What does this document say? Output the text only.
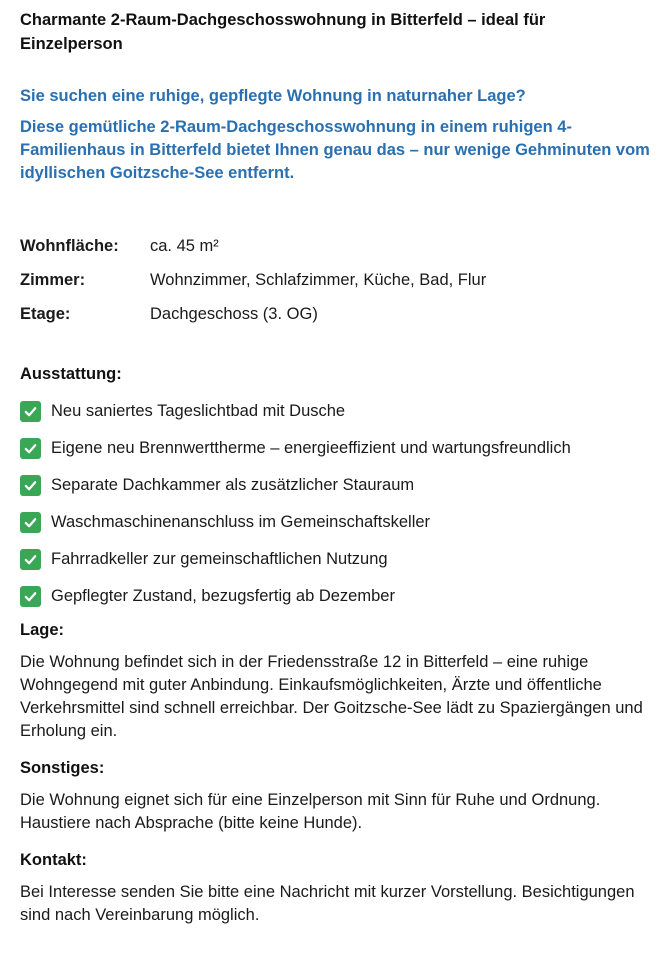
Charmante 2-Raum-Dachgeschosswohnung in Bitterfeld – ideal für Einzelperson
Sie suchen eine ruhige, gepflegte Wohnung in naturnaher Lage?
Diese gemütliche 2-Raum-Dachgeschosswohnung in einem ruhigen 4-Familienhaus in Bitterfeld bietet Ihnen genau das – nur wenige Gehminuten vom idyllischen Goitzsche-See entfernt.
Wohnfläche:	ca. 45 m²
Zimmer:	Wohnzimmer, Schlafzimmer, Küche, Bad, Flur
Etage:	Dachgeschoss (3. OG)
Ausstattung:
Neu saniertes Tageslichtbad mit Dusche
Eigene neu Brennwerttherme – energieeffizient und wartungsfreundlich
Separate Dachkammer als zusätzlicher Stauraum
Waschmaschinenanschluss im Gemeinschaftskeller
Fahrradkeller zur gemeinschaftlichen Nutzung
Gepflegter Zustand, bezugsfertig ab Dezember
Lage:

Die Wohnung befindet sich in der Friedensstraße 12 in Bitterfeld – eine ruhige Wohngegend mit guter Anbindung. Einkaufsmöglichkeiten, Ärzte und öffentliche Verkehrsmittel sind schnell erreichbar. Der Goitzsche-See lädt zu Spaziergängen und Erholung ein.

Sonstiges:

Die Wohnung eignet sich für eine Einzelperson mit Sinn für Ruhe und Ordnung. Haustiere nach Absprache (bitte keine Hunde).

Kontakt:

Bei Interesse senden Sie bitte eine Nachricht mit kurzer Vorstellung. Besichtigungen sind nach Vereinbarung möglich.
